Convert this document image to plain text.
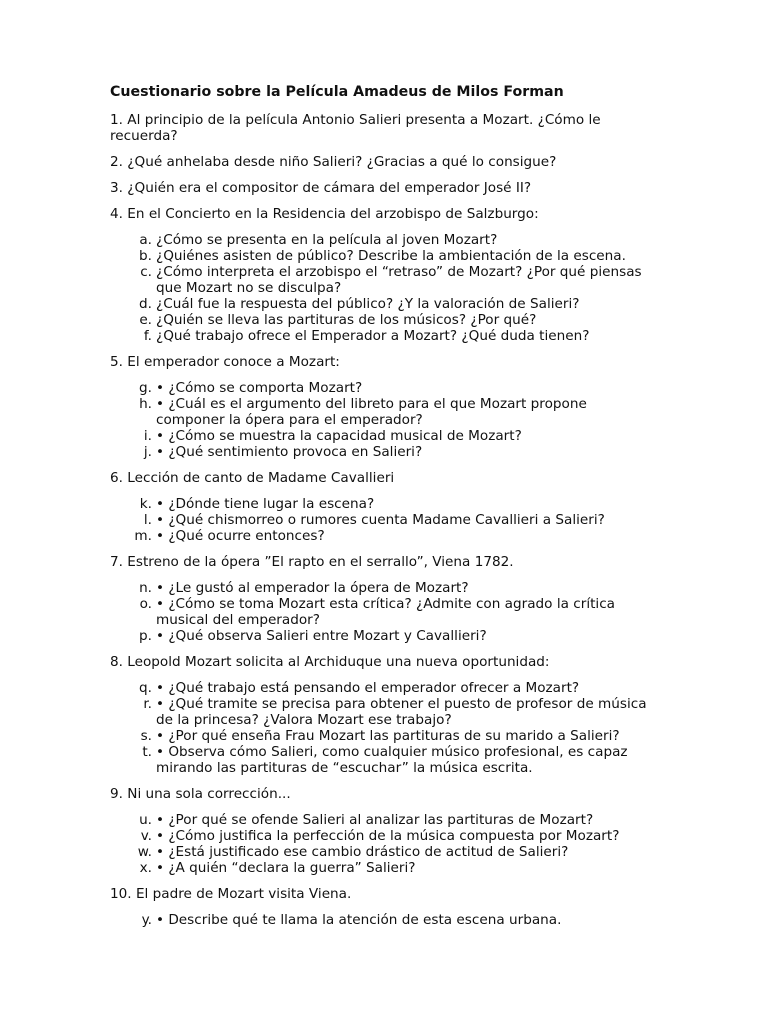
Cuestionario sobre la Película Amadeus de Milos Forman
1. Al principio de la película Antonio Salieri presenta a Mozart. ¿Cómo le recuerda?
2. ¿Qué anhelaba desde niño Salieri? ¿Gracias a qué lo consigue?
3. ¿Quién era el compositor de cámara del emperador José II?
4. En el Concierto en la Residencia del arzobispo de Salzburgo:
a. ¿Cómo se presenta en la película al joven Mozart?
b. ¿Quiénes asisten de público? Describe la ambientación de la escena.
c. ¿Cómo interpreta el arzobispo el “retraso” de Mozart? ¿Por qué piensas que Mozart no se disculpa?
d. ¿Cuál fue la respuesta del público? ¿Y la valoración de Salieri?
e. ¿Quién se lleva las partituras de los músicos? ¿Por qué?
f. ¿Qué trabajo ofrece el Emperador a Mozart? ¿Qué duda tienen?
5. El emperador conoce a Mozart:
g. • ¿Cómo se comporta Mozart?
h. • ¿Cuál es el argumento del libreto para el que Mozart propone componer la ópera para el emperador?
i. • ¿Cómo se muestra la capacidad musical de Mozart?
j. • ¿Qué sentimiento provoca en Salieri?
6. Lección de canto de Madame Cavallieri
k. • ¿Dónde tiene lugar la escena?
l. • ¿Qué chismorreo o rumores cuenta Madame Cavallieri a Salieri?
m. • ¿Qué ocurre entonces?
7. Estreno de la ópera ”El rapto en el serrallo”, Viena 1782.
n. • ¿Le gustó al emperador la ópera de Mozart?
o. • ¿Cómo se toma Mozart esta crítica? ¿Admite con agrado la crítica musical del emperador?
p. • ¿Qué observa Salieri entre Mozart y Cavallieri?
8. Leopold Mozart solicita al Archiduque una nueva oportunidad:
q. • ¿Qué trabajo está pensando el emperador ofrecer a Mozart?
r. • ¿Qué tramite se precisa para obtener el puesto de profesor de música de la princesa? ¿Valora Mozart ese trabajo?
s. • ¿Por qué enseña Frau Mozart las partituras de su marido a Salieri?
t. • Observa cómo Salieri, como cualquier músico profesional, es capaz mirando las partituras de “escuchar” la música escrita.
9. Ni una sola corrección...
u. • ¿Por qué se ofende Salieri al analizar las partituras de Mozart?
v. • ¿Cómo justifica la perfección de la música compuesta por Mozart?
w. • ¿Está justificado ese cambio drástico de actitud de Salieri?
x. • ¿A quién “declara la guerra” Salieri?
10. El padre de Mozart visita Viena.
y. • Describe qué te llama la atención de esta escena urbana.
